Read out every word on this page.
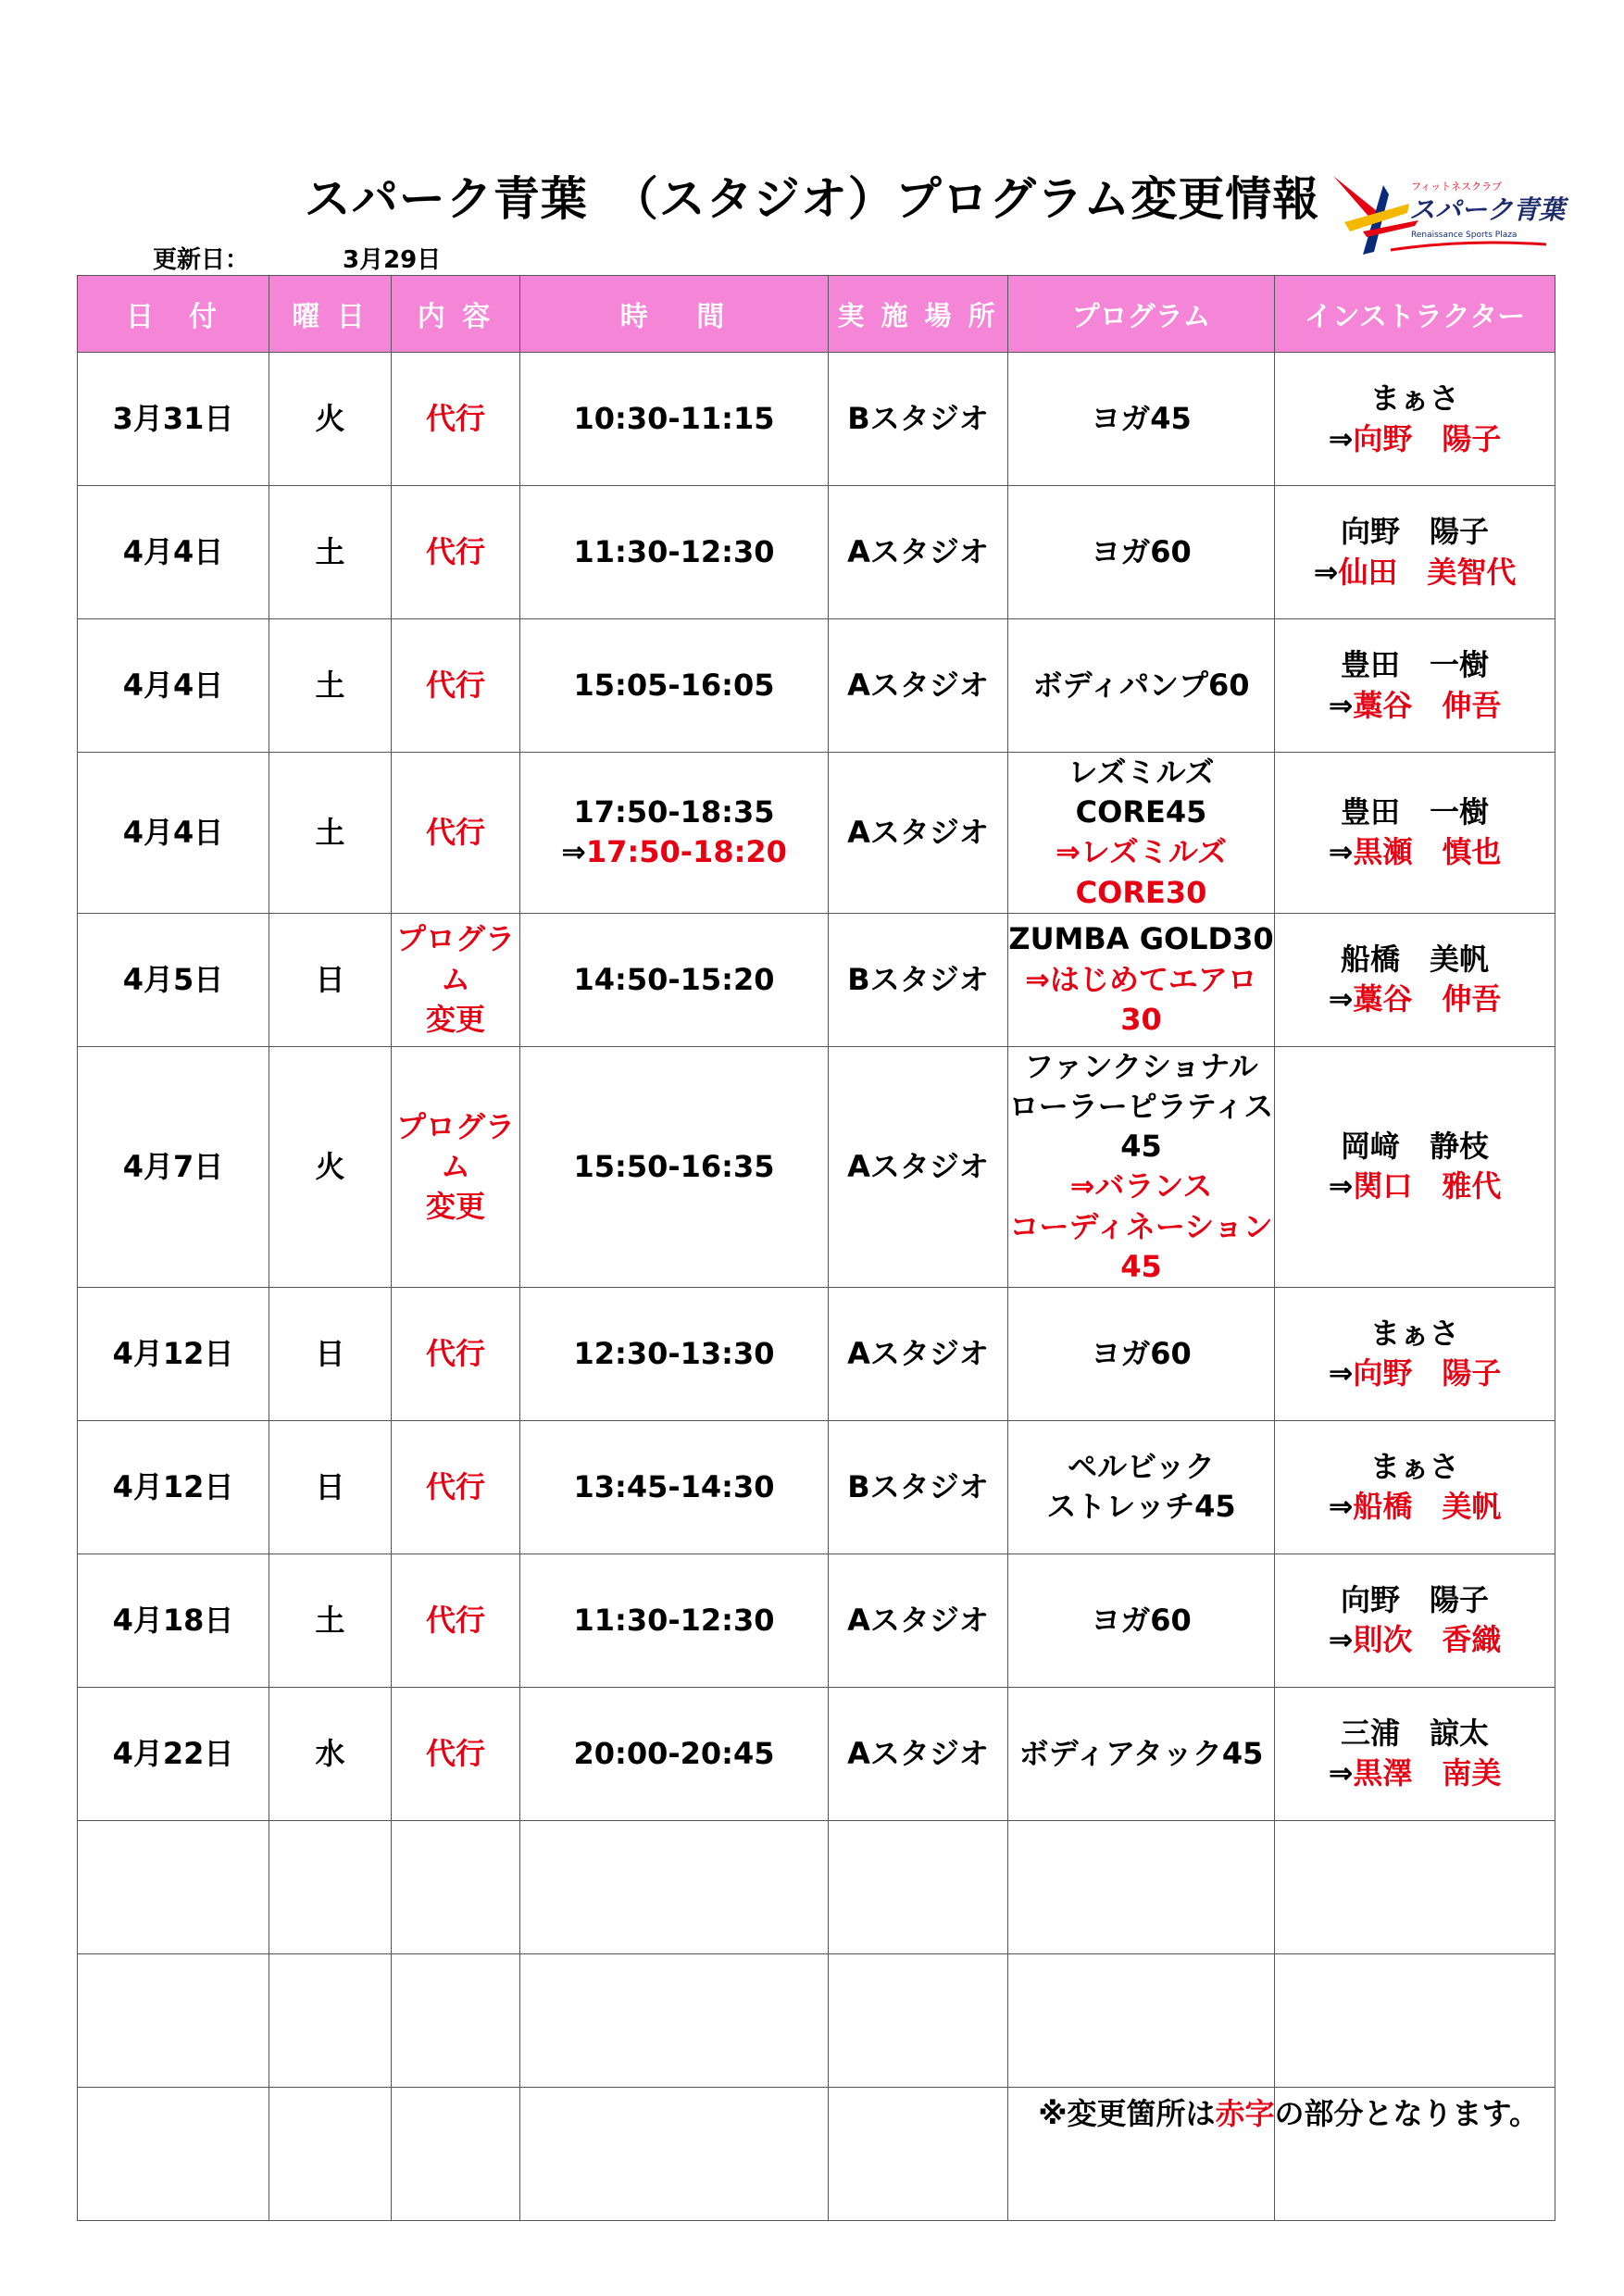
スパーク青葉　（スタジオ）プログラム変更情報	フィットネスクラブ
スパーク青葉
Renaissance Sports Plaza
更新日：	3月29日
日　付	曜 日	内 容	時　 間	実 施 場 所	プログラム	インストラクター
3月31日	火	代行	10:30-11:15	Bスタジオ	ヨガ45	まぁさ
⇒向野　陽子

4月4日	土	代行	11:30-12:30	Aスタジオ	ヨガ60	向野　陽子
⇒仙田　美智代

4月4日	土	代行	15:05-16:05	Aスタジオ	ボディパンプ60	豊田　一樹
⇒藁谷　伸吾

4月4日	土	代行	17:50-18:35
⇒17:50-18:20	Aスタジオ	レズミルズCORE45
⇒レズミルズCORE30	豊田　一樹
⇒黒瀬　慎也

4月5日	日	プログラム
変更	14:50-15:20	Bスタジオ	ZUMBA GOLD30
⇒はじめてエアロ30	船橋　美帆
⇒藁谷　伸吾

4月7日	火	プログラム
変更	15:50-16:35	Aスタジオ	ファンクショナル
ローラーピラティス45
⇒バランス
コーディネーション45	岡﨑　静枝
⇒関口　雅代

4月12日	日	代行	12:30-13:30	Aスタジオ	ヨガ60	まぁさ
⇒向野　陽子

4月12日	日	代行	13:45-14:30	Bスタジオ	ペルビック
ストレッチ45	まぁさ
⇒船橋　美帆

4月18日	土	代行	11:30-12:30	Aスタジオ	ヨガ60	向野　陽子
⇒則次　香織

4月22日	水	代行	20:00-20:45	Aスタジオ	ボディアタック45	三浦　諒太
⇒黒澤　南美

※変更箇所は赤字の部分となります。
